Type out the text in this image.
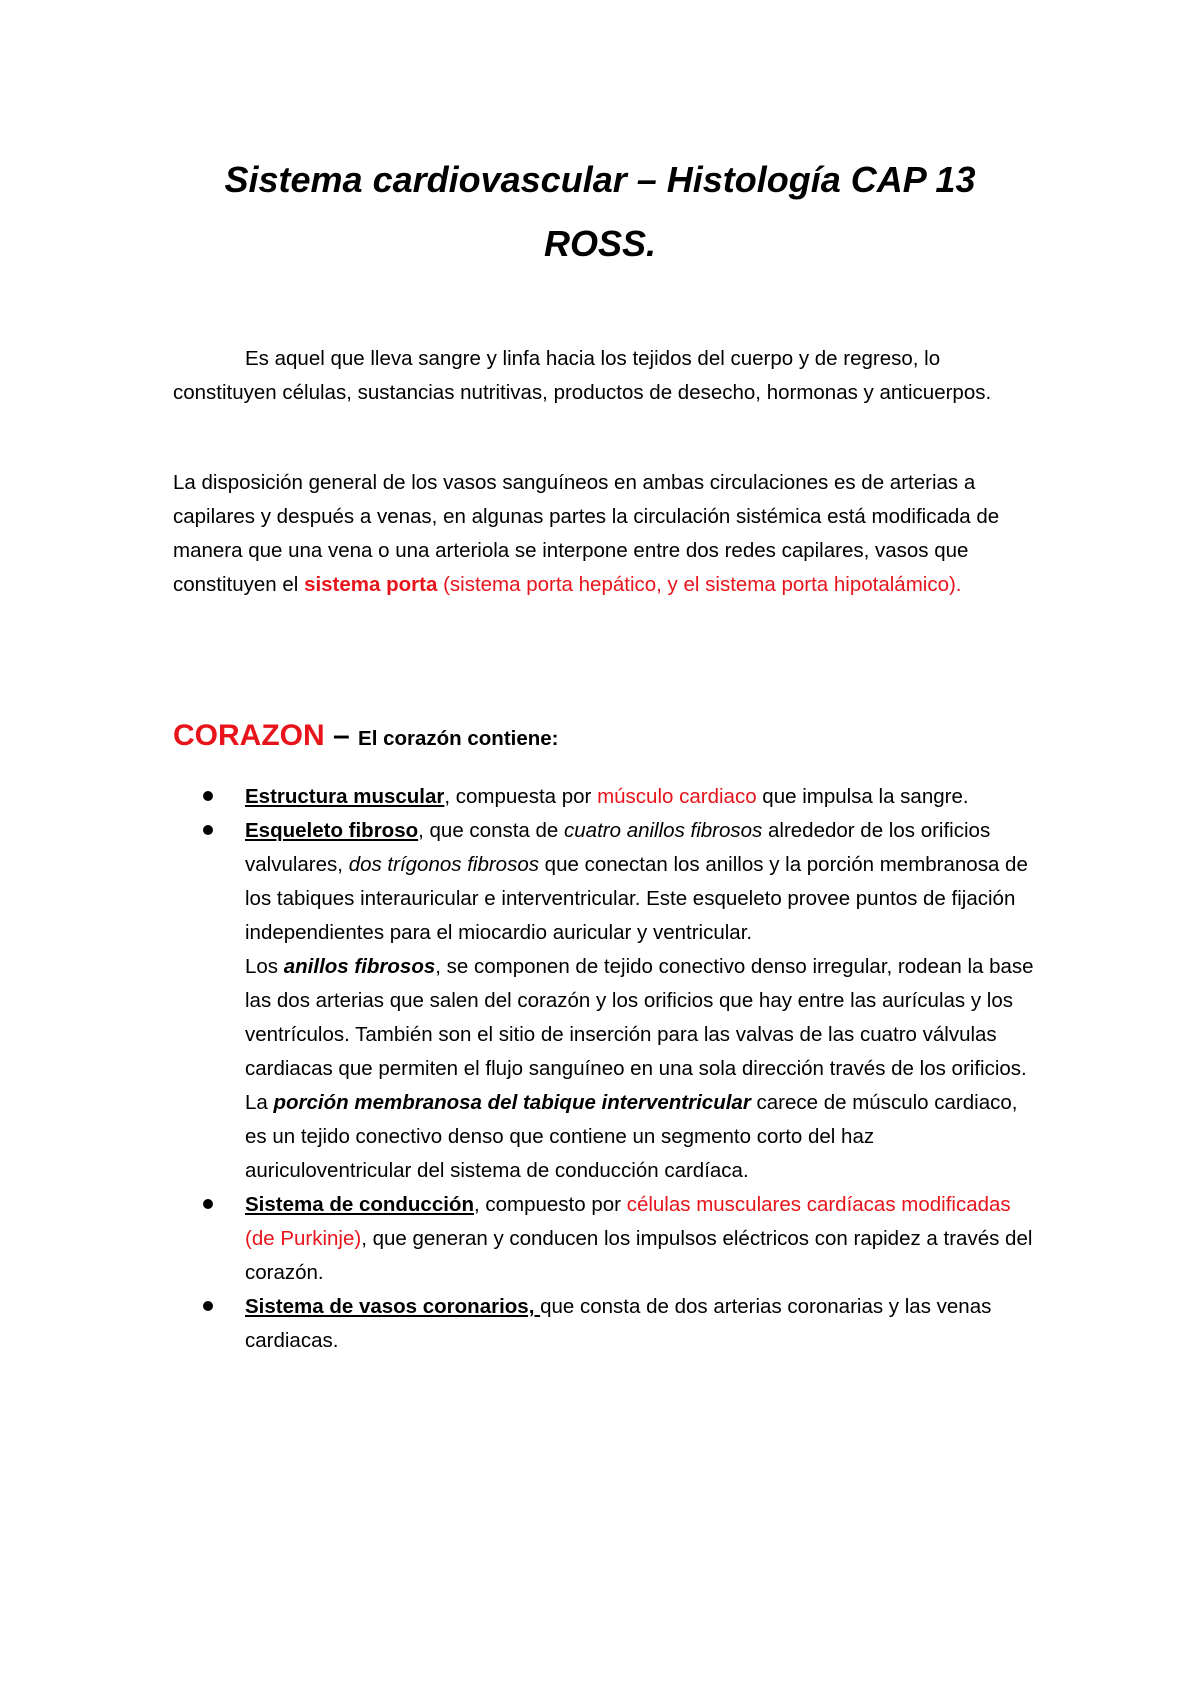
Sistema cardiovascular – Histología CAP 13
ROSS.

Es aquel que lleva sangre y linfa hacia los tejidos del cuerpo y de regreso, lo constituyen células, sustancias nutritivas, productos de desecho, hormonas y anticuerpos.

La disposición general de los vasos sanguíneos en ambas circulaciones es de arterias a capilares y después a venas, en algunas partes la circulación sistémica está modificada de manera que una vena o una arteriola se interpone entre dos redes capilares, vasos que constituyen el sistema porta (sistema porta hepático, y el sistema porta hipotalámico).

CORAZON – El corazón contiene:
Estructura muscular, compuesta por músculo cardiaco que impulsa la sangre.
Esqueleto fibroso, que consta de cuatro anillos fibrosos alrededor de los orificios valvulares, dos trígonos fibrosos que conectan los anillos y la porción membranosa de los tabiques interauricular e interventricular. Este esqueleto provee puntos de fijación independientes para el miocardio auricular y ventricular.
Los anillos fibrosos, se componen de tejido conectivo denso irregular, rodean la base las dos arterias que salen del corazón y los orificios que hay entre las aurículas y los ventrículos. También son el sitio de inserción para las valvas de las cuatro válvulas cardiacas que permiten el flujo sanguíneo en una sola dirección través de los orificios.
La porción membranosa del tabique interventricular carece de músculo cardiaco, es un tejido conectivo denso que contiene un segmento corto del haz auriculoventricular del sistema de conducción cardíaca.
Sistema de conducción, compuesto por células musculares cardíacas modificadas (de Purkinje), que generan y conducen los impulsos eléctricos con rapidez a través del corazón.
Sistema de vasos coronarios, que consta de dos arterias coronarias y las venas cardiacas.
